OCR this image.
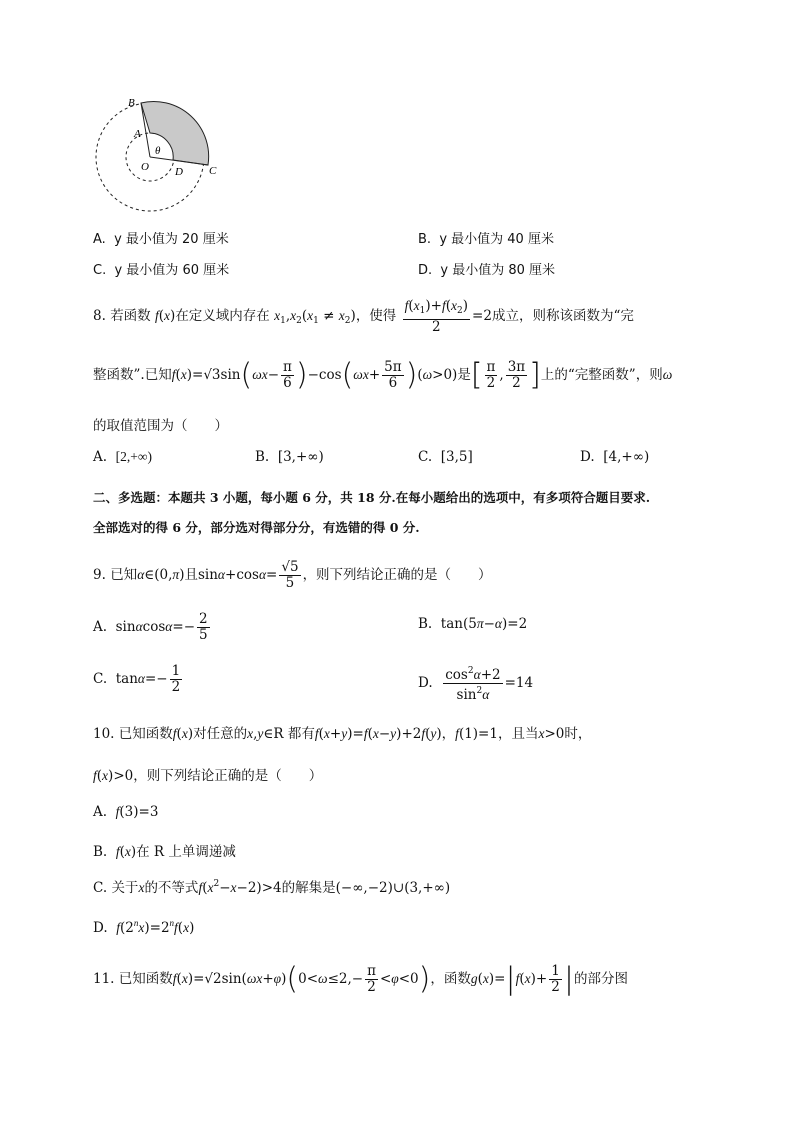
B
A
O
θ
D C
A. y 最小值为 20 厘米	B. y 最小值为 40 厘米
C. y 最小值为 60 厘米	D. y 最小值为 80 厘米
8. 若函数 f(x)在定义域内存在 $x_1,x_2(x_1 \ne x_2)$，使得 $\frac{f(x_1)+f(x_2)}{2} =2$成立，则称该函数为“完
整函数”.已知$f(x)=√3\sin(\omega x- \frac{\pi}{6} )-\cos(\omega x+ \frac{5\pi}{6} )(\omega>0)$是[ $\frac{\pi}{2}$ , $\frac{3\pi}{2}$ ]上的“完整函数”，则ω
的取值范围为（　　）
A. [2,+∞)	B. [3,+∞)	C. [3,5]	D. [4,+∞)
二、多选题：本题共 3 小题，每小题 6 分，共 18 分.在每小题给出的选项中，有多项符合题目要求.
全部选对的得 6 分，部分选对得部分分，有选错的得 0 分.
9. 已知α∈(0,π)且$\sin\alpha+\cos\alpha= \frac{√5}{5}$ ，则下列结论正确的是（　　）
A.  $\sin\alpha\cos\alpha=- \frac{2}{5}$	B.  tan(5π−α)=2
C.  $\tan\alpha=- \frac{1}{2}$	D. $\frac{\cos^2\alpha+2}{\sin^2\alpha} =14$
10. 已知函数f(x)对任意的x,y∈R 都有f(x+y)=f(x−y)+2f(y)，f(1)=1，且当x>0时，
f(x)>0，则下列结论正确的是（　　）
A. f(3)=3
B. f(x)在 R 上单调递减
C. 关于x的不等式$f(x^2-x-2)>4$的解集是(−∞,−2)∪(3,+∞)
D. $f(2^nx)=2^nf(x)$
11. 已知函数$f(x)=√2\sin(\omega x+\varphi)(0<\omega\le 2,- \frac{\pi}{2} <\varphi<0)$，函数$g(x)=|f(x)+ \frac{1}{2}$ |的部分图
